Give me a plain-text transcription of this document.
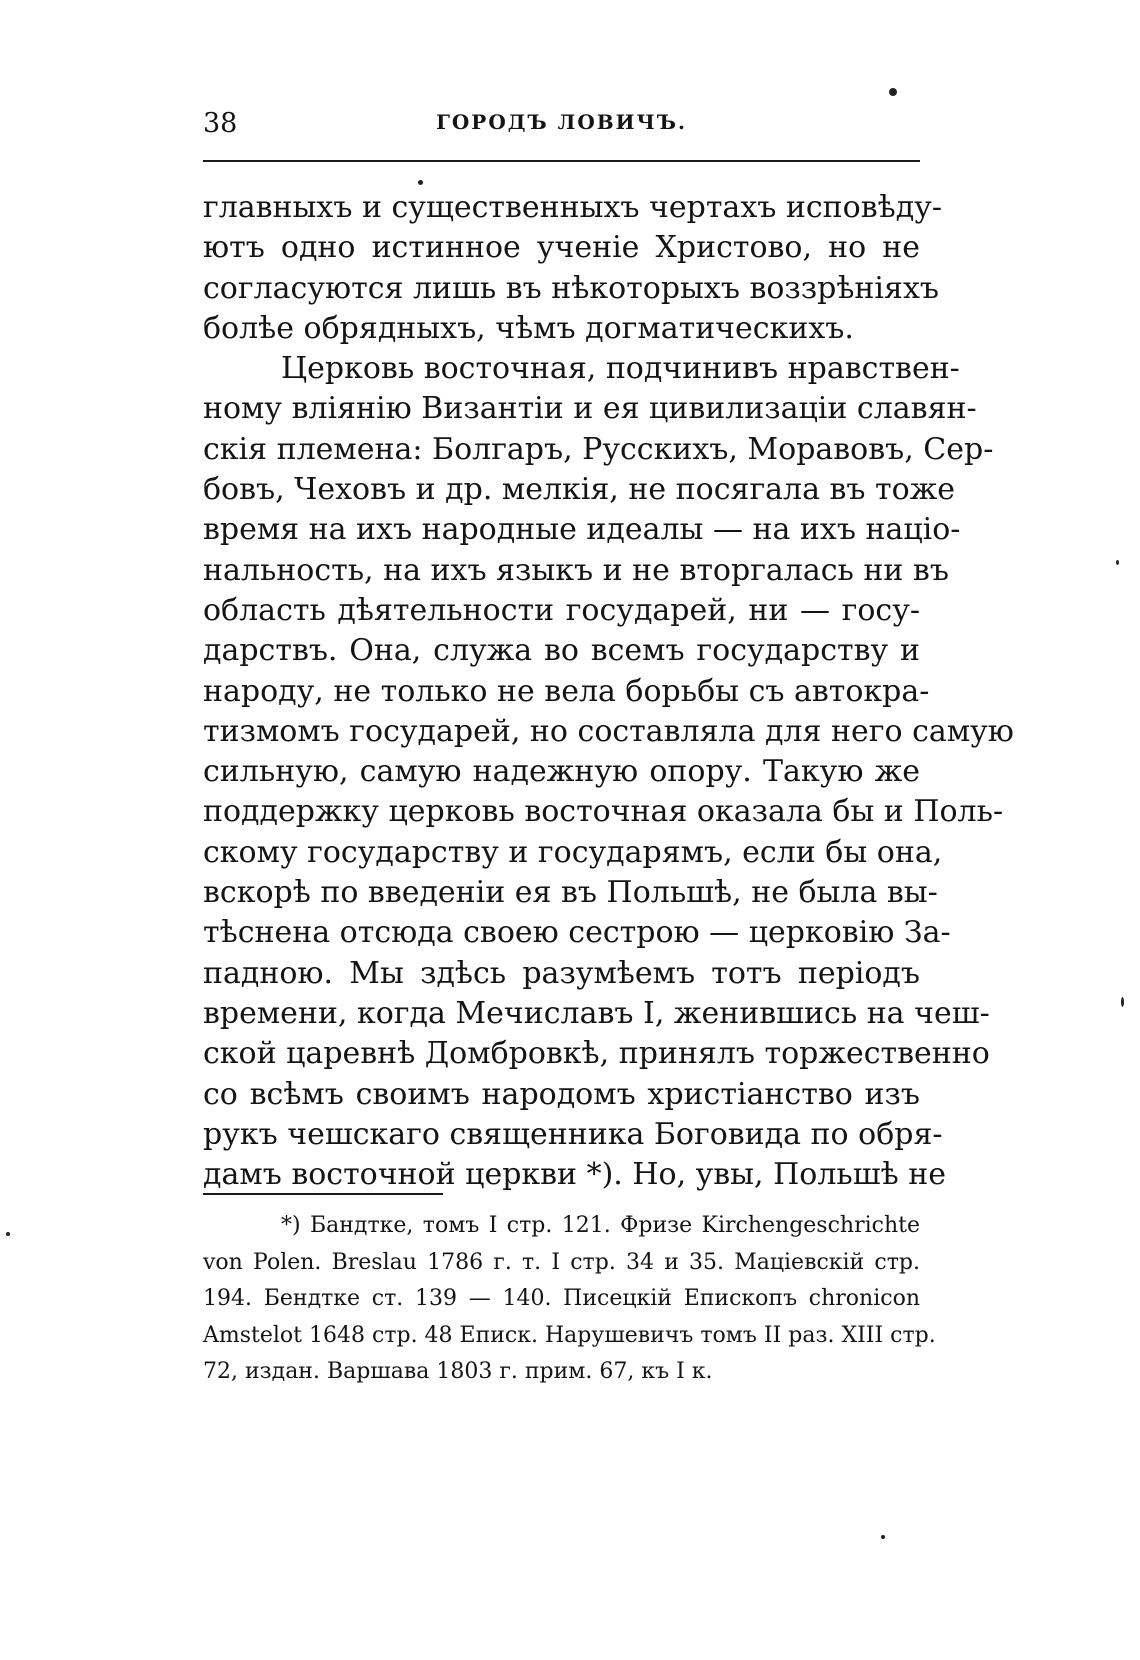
38	ГОРОДЪ ЛОВИЧЪ.
главныхъ и существенныхъ чертахъ исповѣду-
ютъ одно истинное ученіе Христово, но не
согласуются лишь въ нѣкоторыхъ воззрѣніяхъ
болѣе обрядныхъ, чѣмъ догматическихъ.
Церковь восточная, подчинивъ нравствен-
ному вліянію Византіи и ея цивилизаціи славян-
скія племена: Болгаръ, Русскихъ, Моравовъ, Сер-
бовъ, Чеховъ и др. мелкія, не посягала въ тоже
время на ихъ народные идеалы — на ихъ націо-
нальность, на ихъ языкъ и не вторгалась ни въ
область дѣятельности государей, ни — госу-
дарствъ. Она, служа во всемъ государству и
народу, не только не вела борьбы съ автокра-
тизмомъ государей, но составляла для него самую
сильную, самую надежную опору. Такую же
поддержку церковь восточная оказала бы и Поль-
скому государству и государямъ, если бы она,
вскорѣ по введеніи ея въ Польшѣ, не была вы-
тѣснена отсюда своею сестрою — церковію За-
падною. Мы здѣсь разумѣемъ тотъ періодъ
времени, когда Мечиславъ I, женившись на чеш-
ской царевнѣ Домбровкѣ, принялъ торжественно
со всѣмъ своимъ народомъ христіанство изъ
рукъ чешскаго священника Боговида по обря-
дамъ восточной церкви *). Но, увы, Польшѣ не
*) Бандтке, томъ I стр. 121. Фризе Kirchengeschrichte
von Polen. Breslau 1786 г. т. I стр. 34 и 35. Маціевскій стр.
194. Бендтке ст. 139 — 140. Писецкій Епископъ chronicon
Amstelot 1648 стр. 48 Еписк. Нарушевичъ томъ II раз. XIII стр.
72, издан. Варшава 1803 г. прим. 67, къ I к.
